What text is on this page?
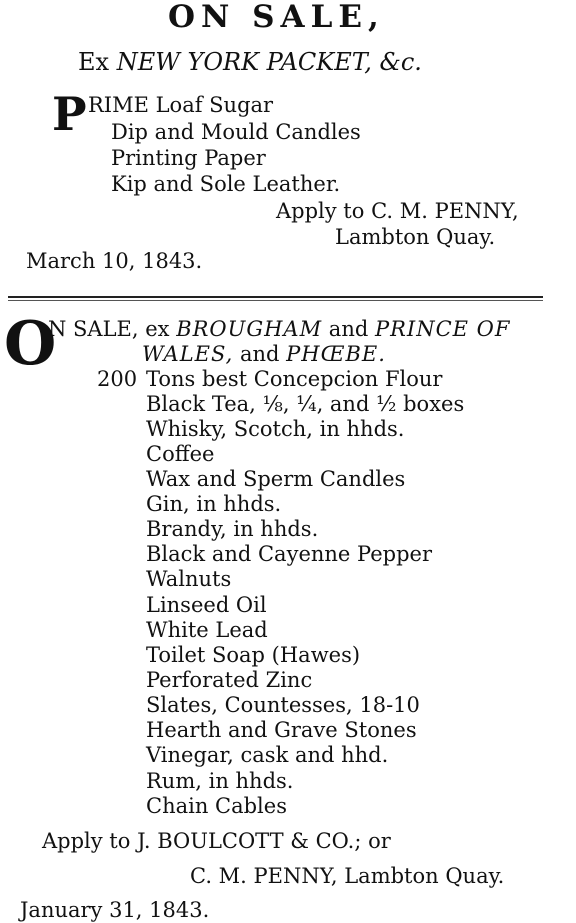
ON SALE,
Ex NEW YORK PACKET, &c.
P RIME Loaf Sugar
Dip and Mould Candles
Printing Paper
Kip and Sole Leather.
Apply to C. M. PENNY,
Lambton Quay.
March 10, 1843.
O
N SALE, ex BROUGHAM and PRINCE OF
WALES, and PHŒBE.
200 Tons best Concepcion Flour
Black Tea, ⅛, ¼, and ½ boxes
Whisky, Scotch, in hhds.
Coffee
Wax and Sperm Candles
Gin, in hhds.
Brandy, in hhds.
Black and Cayenne Pepper
Walnuts
Linseed Oil
White Lead
Toilet Soap (Hawes)
Perforated Zinc
Slates, Countesses, 18-10
Hearth and Grave Stones
Vinegar, cask and hhd.
Rum, in hhds.
Chain Cables
Apply to J. BOULCOTT & CO.; or
C. M. PENNY, Lambton Quay.
January 31, 1843.
